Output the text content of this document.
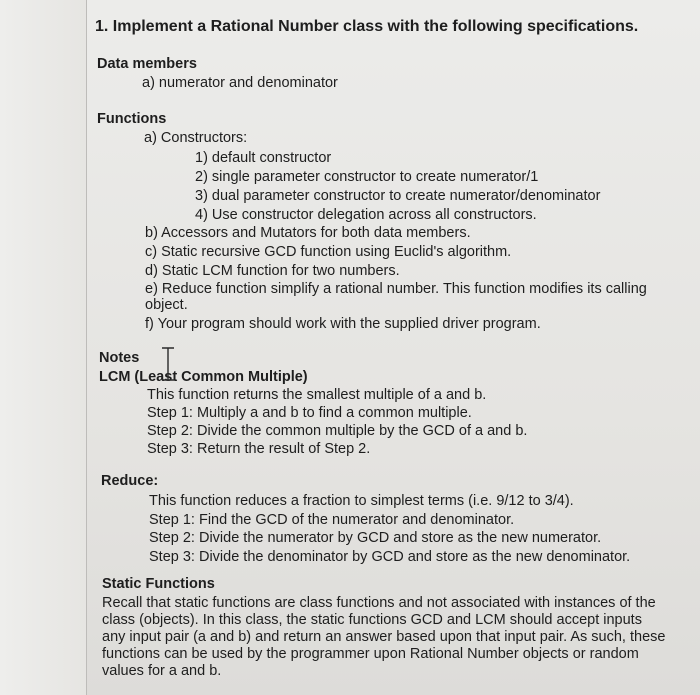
1. Implement a Rational Number class with the following specifications.
Data members
a) numerator and denominator
Functions
a) Constructors:
1) default constructor
2) single parameter constructor to create numerator/1
3) dual parameter constructor to create numerator/denominator
4) Use constructor delegation across all constructors.
b) Accessors and Mutators for both data members.
c) Static recursive GCD function using Euclid's algorithm.
d) Static LCM function for two numbers.
e) Reduce function simplify a rational number. This function modifies its calling
object.
f) Your program should work with the supplied driver program.
Notes
LCM (Least Common Multiple)
This function returns the smallest multiple of a and b.
Step 1: Multiply a and b to find a common multiple.
Step 2: Divide the common multiple by the GCD of a and b.
Step 3: Return the result of Step 2.
Reduce:
This function reduces a fraction to simplest terms (i.e. 9/12 to 3/4).
Step 1: Find the GCD of the numerator and denominator.
Step 2: Divide the numerator by GCD and store as the new numerator.
Step 3: Divide the denominator by GCD and store as the new denominator.
Static Functions
Recall that static functions are class functions and not associated with instances of the
class (objects). In this class, the static functions GCD and LCM should accept inputs
any input pair (a and b) and return an answer based upon that input pair. As such, these
functions can be used by the programmer upon Rational Number objects or random
values for a and b.
